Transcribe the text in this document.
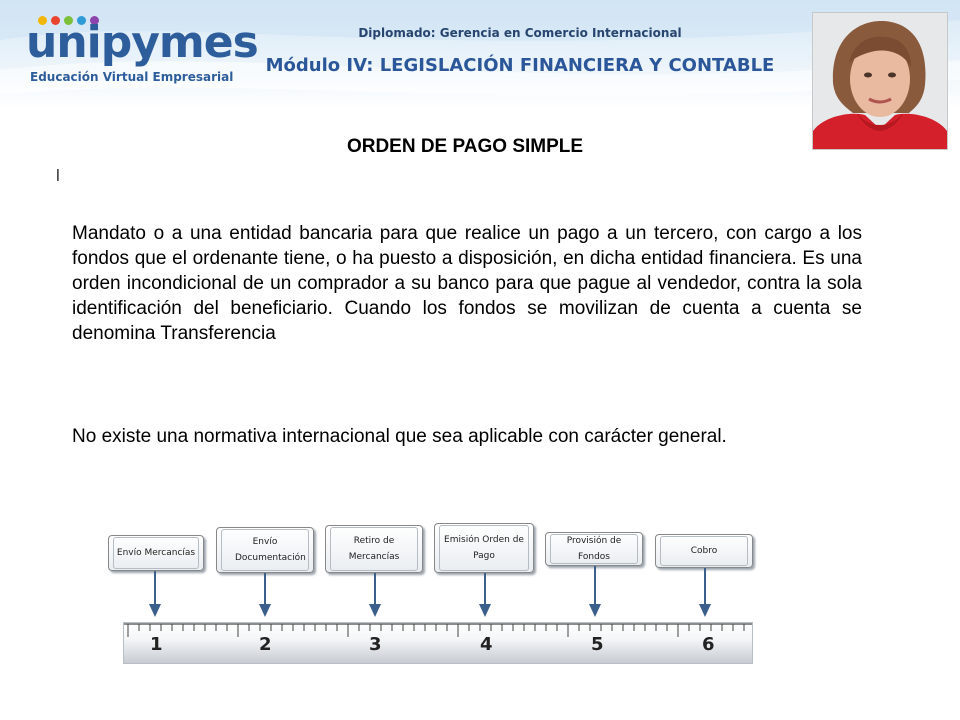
unipymes
Educación Virtual Empresarial
Diplomado: Gerencia en Comercio Internacional
Módulo IV: LEGISLACIÓN FINANCIERA Y CONTABLE
ORDEN DE PAGO SIMPLE
l
Mandato o a una entidad bancaria para que realice un pago a un tercero, con cargo a los fondos que el ordenante tiene, o ha puesto a disposición, en dicha entidad financiera. Es una orden incondicional de un comprador a su banco para que pague al vendedor, contra la sola identificación del beneficiario. Cuando los fondos se movilizan de cuenta a cuenta se denomina Transferencia
No existe una normativa internacional que sea aplicable con carácter general.
Envío Mercancías
Envío Documentación
Retiro de Mercancías
Emisión Orden de Pago
Provisión de Fondos
Cobro
1	2	3	4	5	6
